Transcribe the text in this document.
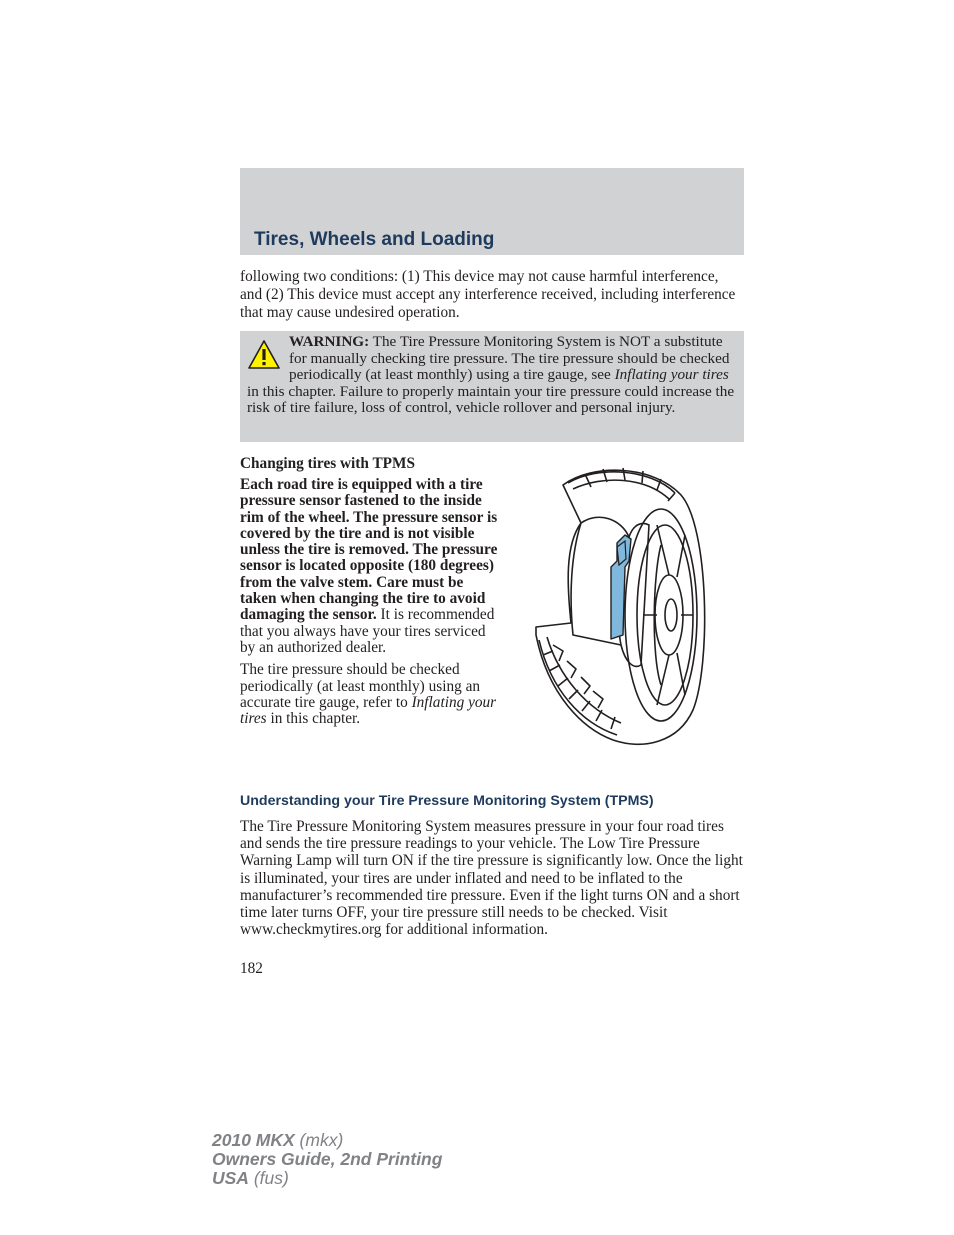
Tires, Wheels and Loading

following two conditions: (1) This device may not cause harmful interference, and (2) This device must accept any interference received, including interference that may cause undesired operation.

WARNING: The Tire Pressure Monitoring System is NOT a substitute for manually checking tire pressure. The tire pressure should be checked periodically (at least monthly) using a tire gauge, see Inflating your tires in this chapter. Failure to properly maintain your tire pressure could increase the risk of tire failure, loss of control, vehicle rollover and personal injury.

Changing tires with TPMS

Each road tire is equipped with a tire pressure sensor fastened to the inside rim of the wheel. The pressure sensor is covered by the tire and is not visible unless the tire is removed. The pressure sensor is located opposite (180 degrees) from the valve stem. Care must be taken when changing the tire to avoid damaging the sensor. It is recommended that you always have your tires serviced by an authorized dealer.

The tire pressure should be checked periodically (at least monthly) using an accurate tire gauge, refer to Inflating your tires in this chapter.

Understanding your Tire Pressure Monitoring System (TPMS)

The Tire Pressure Monitoring System measures pressure in your four road tires and sends the tire pressure readings to your vehicle. The Low Tire Pressure Warning Lamp will turn ON if the tire pressure is significantly low. Once the light is illuminated, your tires are under inflated and need to be inflated to the manufacturer’s recommended tire pressure. Even if the light turns ON and a short time later turns OFF, your tire pressure still needs to be checked. Visit www.checkmytires.org for additional information.

182
2010 MKX (mkx)
Owners Guide, 2nd Printing
USA (fus)
